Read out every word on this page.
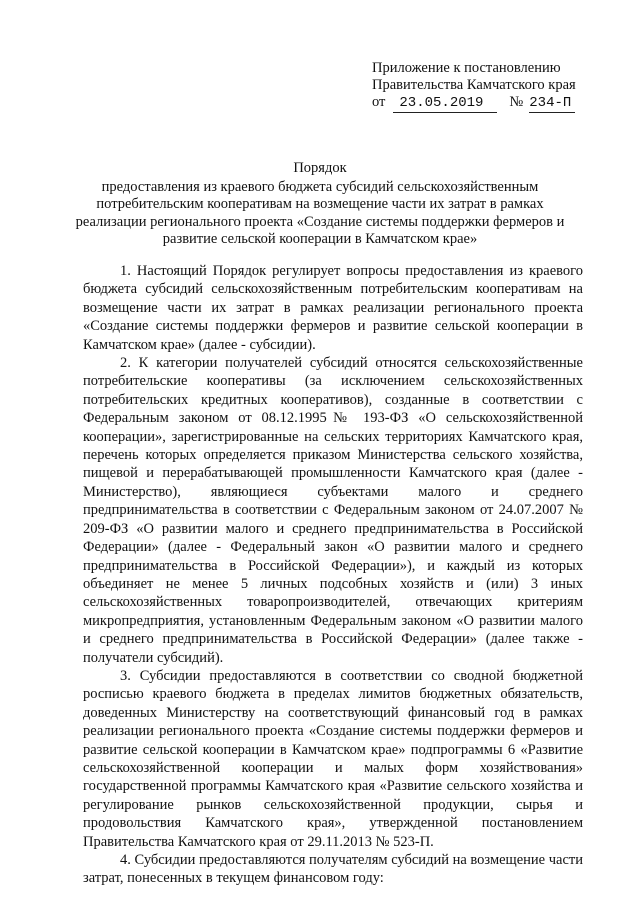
Приложение к постановлению
Правительства Камчатского края
от	23.05.2019	№ 234-П
Порядок
предоставления из краевого бюджета субсидий сельскохозяйственным потребительским кооперативам на возмещение части их затрат в рамках реализации регионального проекта «Создание системы поддержки фермеров и развитие сельской кооперации в Камчатском крае»

1. Настоящий Порядок регулирует вопросы предоставления из краевого бюджета субсидий сельскохозяйственным потребительским кооперативам на возмещение части их затрат в рамках реализации регионального проекта «Создание системы поддержки фермеров и развитие сельской кооперации в Камчатском крае» (далее - субсидии).

2. К категории получателей субсидий относятся сельскохозяйственные потребительские кооперативы (за исключением сельскохозяйственных потребительских кредитных кооперативов), созданные в соответствии с Федеральным законом от 08.12.1995№ 193-ФЗ «О сельскохозяйственной кооперации», зарегистрированные на сельских территориях Камчатского края, перечень которых определяется приказом Министерства сельского хозяйства, пищевой и перерабатывающей промышленности Камчатского края (далее - Министерство), являющиеся субъектами малого и среднего предпринимательства в соответствии с Федеральным законом от 24.07.2007 № 209-ФЗ «О развитии малого и среднего предпринимательства в Российской Федерации» (далее - Федеральный закон «О развитии малого и среднего предпринимательства в Российской Федерации»), и каждый из которых объединяет не менее 5 личных подсобных хозяйств и (или) 3 иных сельскохозяйственных товаропроизводителей, отвечающих критериям микропредприятия, установленным Федеральным законом «О развитии малого и среднего предпринимательства в Российской Федерации» (далее также - получатели субсидий).

3. Субсидии предоставляются в соответствии со сводной бюджетной росписью краевого бюджета в пределах лимитов бюджетных обязательств, доведенных Министерству на соответствующий финансовый год в рамках реализации регионального проекта «Создание системы поддержки фермеров и развитие сельской кооперации в Камчатском крае» подпрограммы 6 «Развитие сельскохозяйственной кооперации и малых форм хозяйствования» государственной программы Камчатского края «Развитие сельского хозяйства и регулирование рынков сельскохозяйственной продукции, сырья и продовольствия Камчатского края», утвержденной постановлением Правительства Камчатского края от 29.11.2013 № 523-П.

4. Субсидии предоставляются получателям субсидий на возмещение части затрат, понесенных в текущем финансовом году:
